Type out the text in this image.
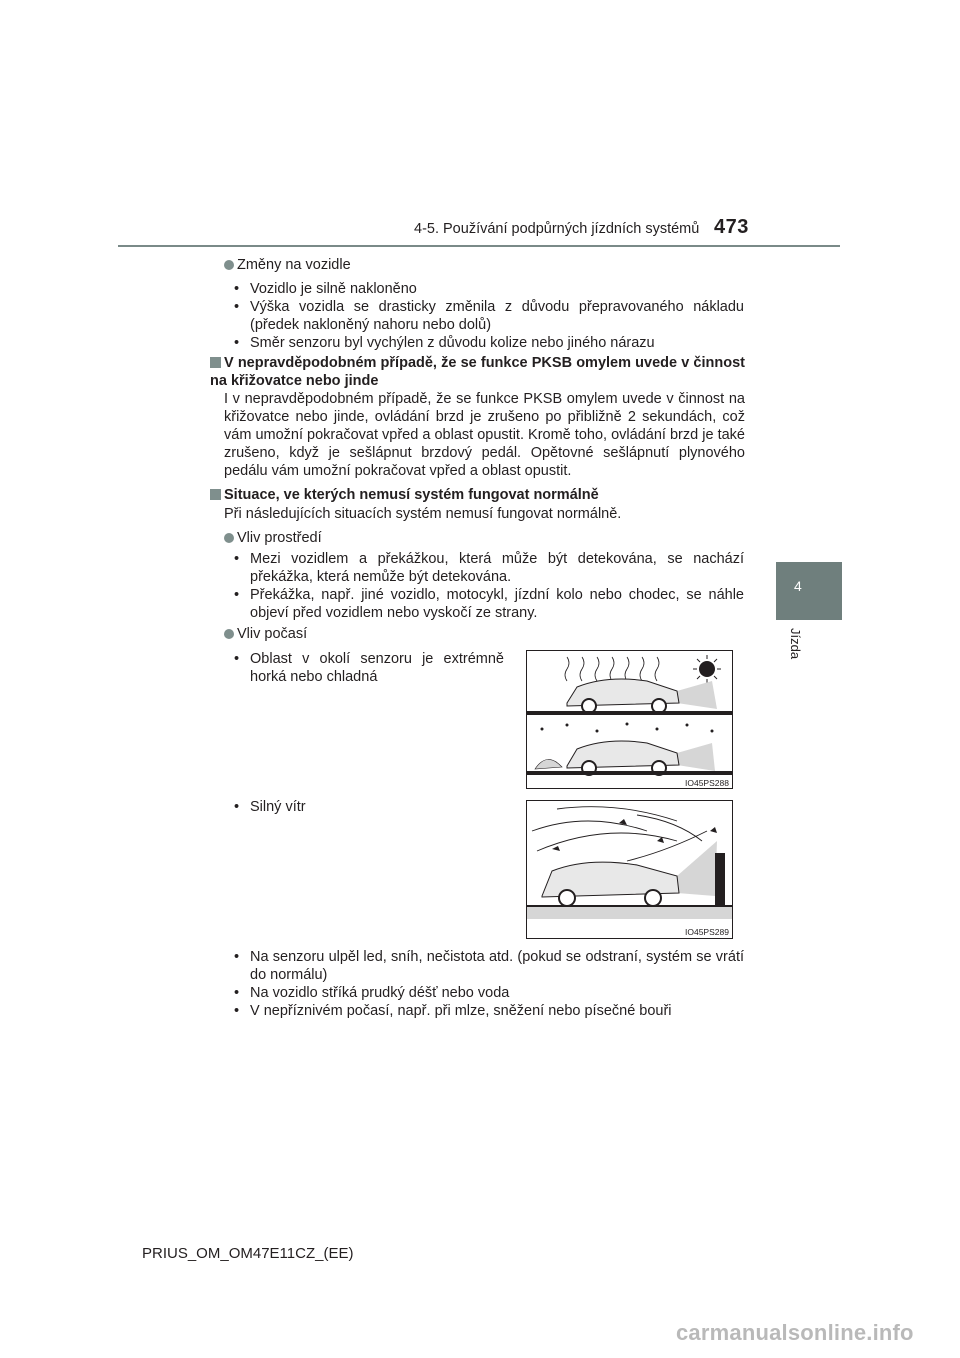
4-5. Používání podpůrných jízdních systémů 473
4
Jízda
Změny na vozidle
• Vozidlo je silně nakloněno
• Výška vozidla se drasticky změnila z důvodu přepravovaného nákladu (předek nakloněný nahoru nebo dolů)
• Směr senzoru byl vychýlen z důvodu kolize nebo jiného nárazu
V nepravděpodobném případě, že se funkce PKSB omylem uvede v činnost na křižovatce nebo jinde
I v nepravděpodobném případě, že se funkce PKSB omylem uvede v činnost na křižovatce nebo jinde, ovládání brzd je zrušeno po přibližně 2 sekundách, což vám umožní pokračovat vpřed a oblast opustit. Kromě toho, ovládání brzd je také zrušeno, když je sešlápnut brzdový pedál. Opětovné sešlápnutí plynového pedálu vám umožní pokračovat vpřed a oblast opustit.
Situace, ve kterých nemusí systém fungovat normálně
Při následujících situacích systém nemusí fungovat normálně.
Vliv prostředí
• Mezi vozidlem a překážkou, která může být detekována, se nachází překážka, která nemůže být detekována.
• Překážka, např. jiné vozidlo, motocykl, jízdní kolo nebo chodec, se náhle objeví před vozidlem nebo vyskočí ze strany.
Vliv počasí
• Oblast v okolí senzoru je extrémně horká nebo chladná
• Silný vítr
IO45PS288
IO45PS289
• Na senzoru ulpěl led, sníh, nečistota atd. (pokud se odstraní, systém se vrátí do normálu)
• Na vozidlo stříká prudký déšť nebo voda
• V nepříznivém počasí, např. při mlze, sněžení nebo písečné bouři
PRIUS_OM_OM47E11CZ_(EE)
carmanualsonline.info
